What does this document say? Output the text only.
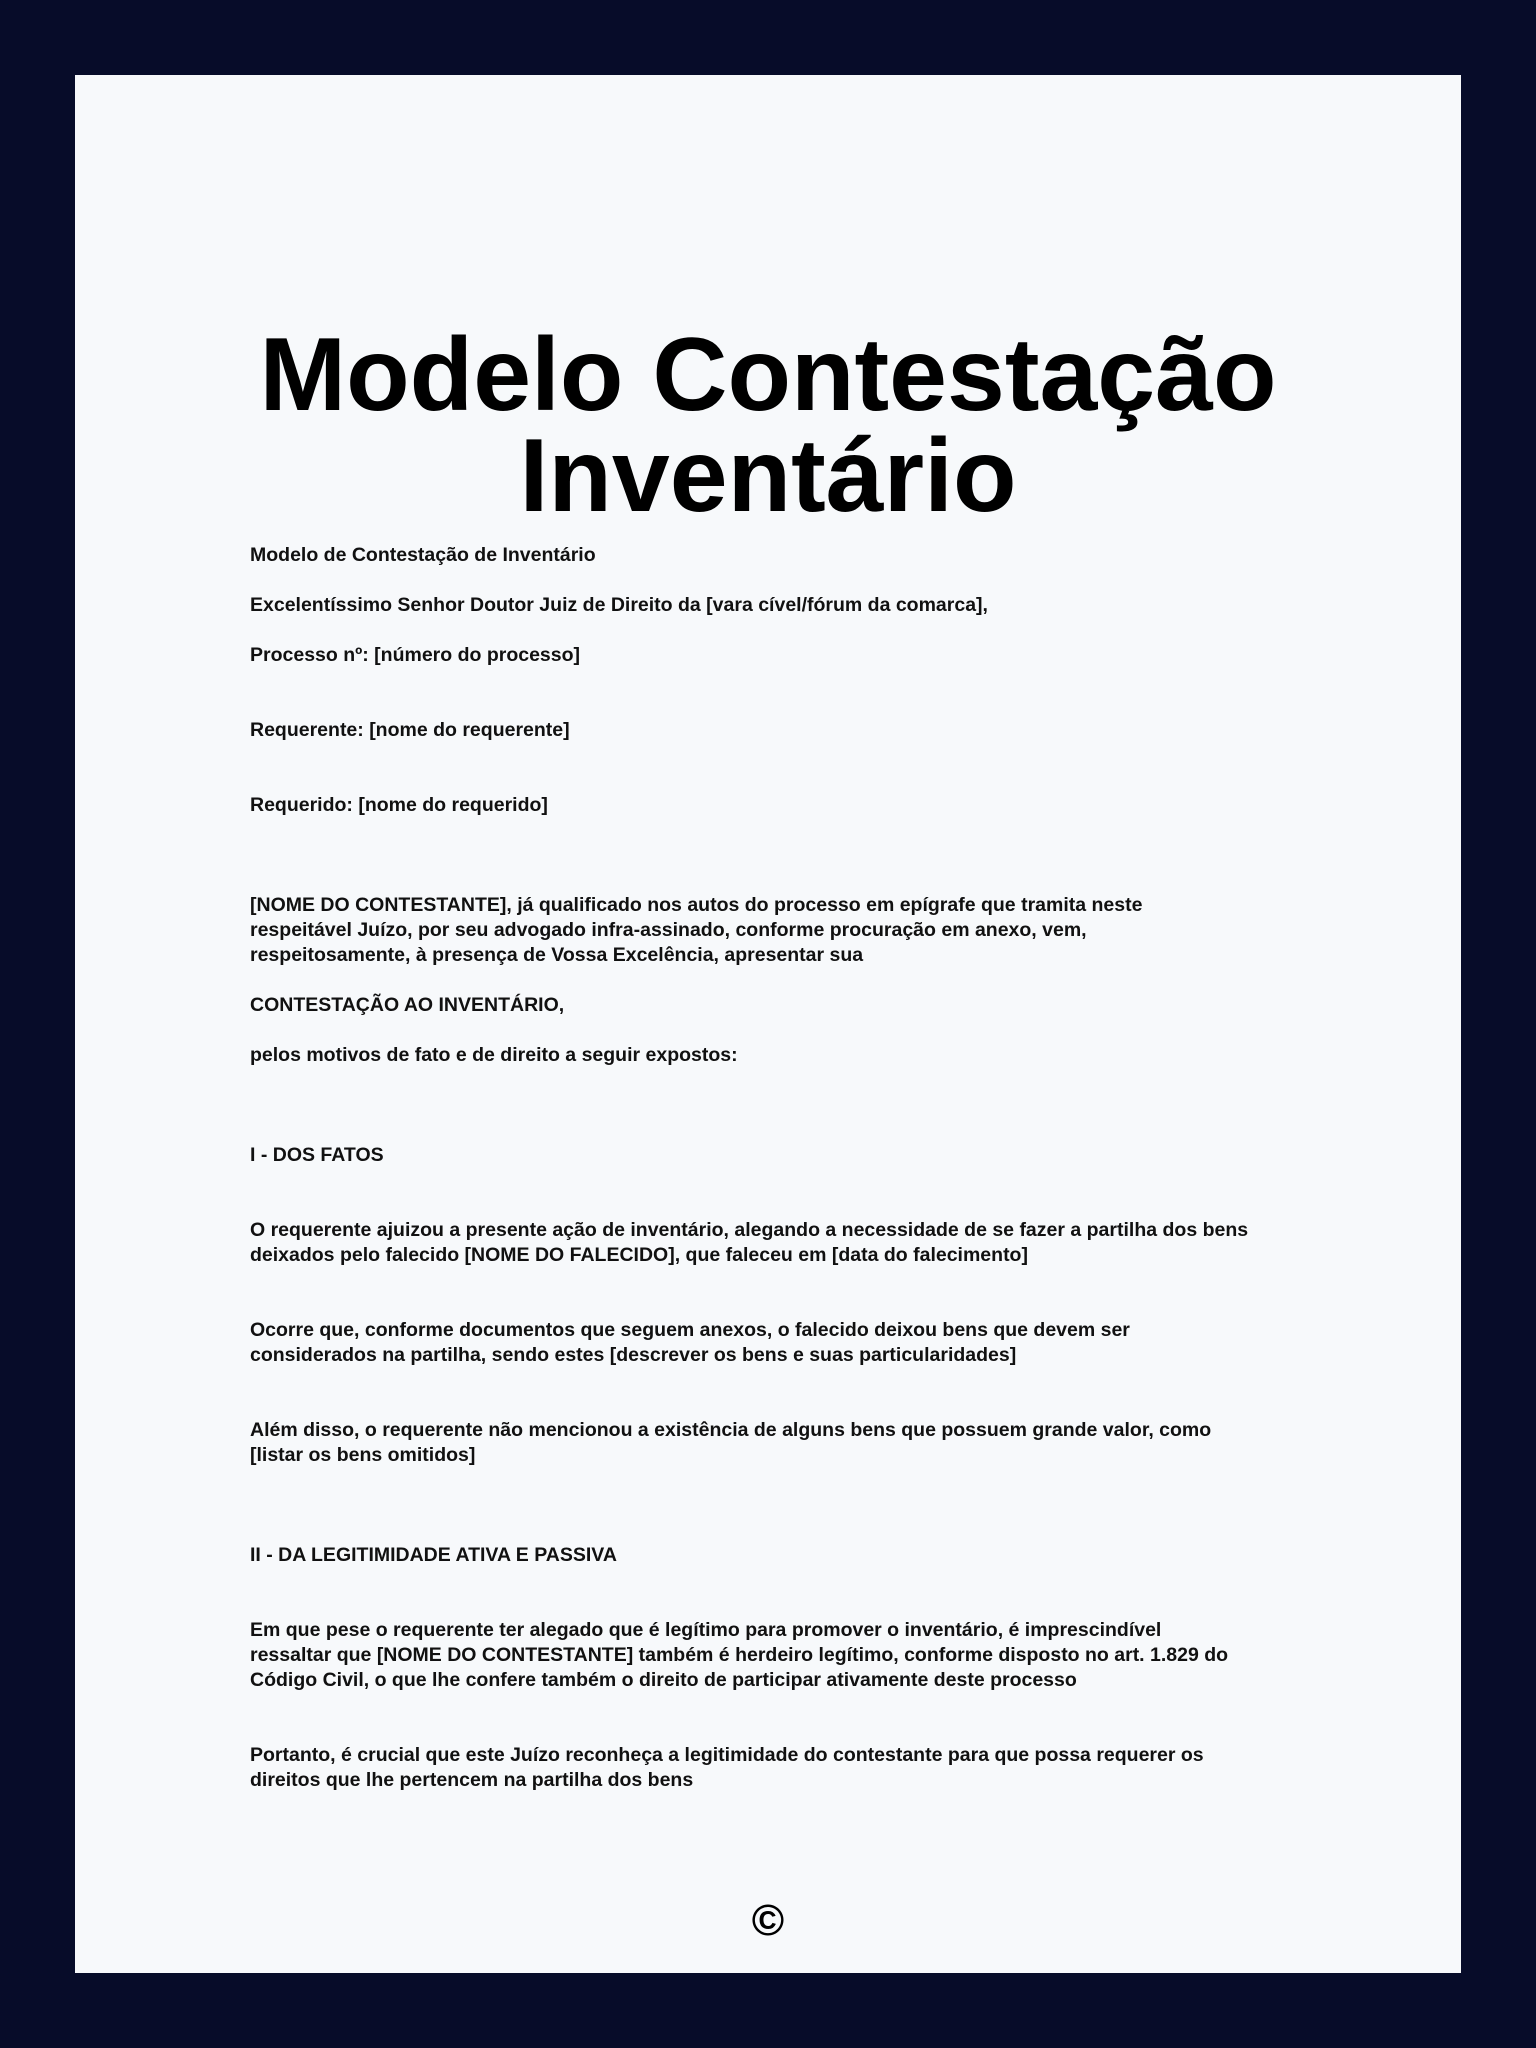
Modelo Contestação
Inventário

Modelo de Contestação de Inventário

Excelentíssimo Senhor Doutor Juiz de Direito da [vara cível/fórum da comarca],

Processo nº: [número do processo]

Requerente: [nome do requerente]

Requerido: [nome do requerido]

[NOME DO CONTESTANTE], já qualificado nos autos do processo em epígrafe que tramita neste

respeitável Juízo, por seu advogado infra-assinado, conforme procuração em anexo, vem,

respeitosamente, à presença de Vossa Excelência, apresentar sua

CONTESTAÇÃO AO INVENTÁRIO,

pelos motivos de fato e de direito a seguir expostos:

I - DOS FATOS

O requerente ajuizou a presente ação de inventário, alegando a necessidade de se fazer a partilha dos bens

deixados pelo falecido [NOME DO FALECIDO], que faleceu em [data do falecimento]

Ocorre que, conforme documentos que seguem anexos, o falecido deixou bens que devem ser

considerados na partilha, sendo estes [descrever os bens e suas particularidades]

Além disso, o requerente não mencionou a existência de alguns bens que possuem grande valor, como

[listar os bens omitidos]

II - DA LEGITIMIDADE ATIVA E PASSIVA

Em que pese o requerente ter alegado que é legítimo para promover o inventário, é imprescindível

ressaltar que [NOME DO CONTESTANTE] também é herdeiro legítimo, conforme disposto no art. 1.829 do

Código Civil, o que lhe confere também o direito de participar ativamente deste processo

Portanto, é crucial que este Juízo reconheça a legitimidade do contestante para que possa requerer os

direitos que lhe pertencem na partilha dos bens

©
